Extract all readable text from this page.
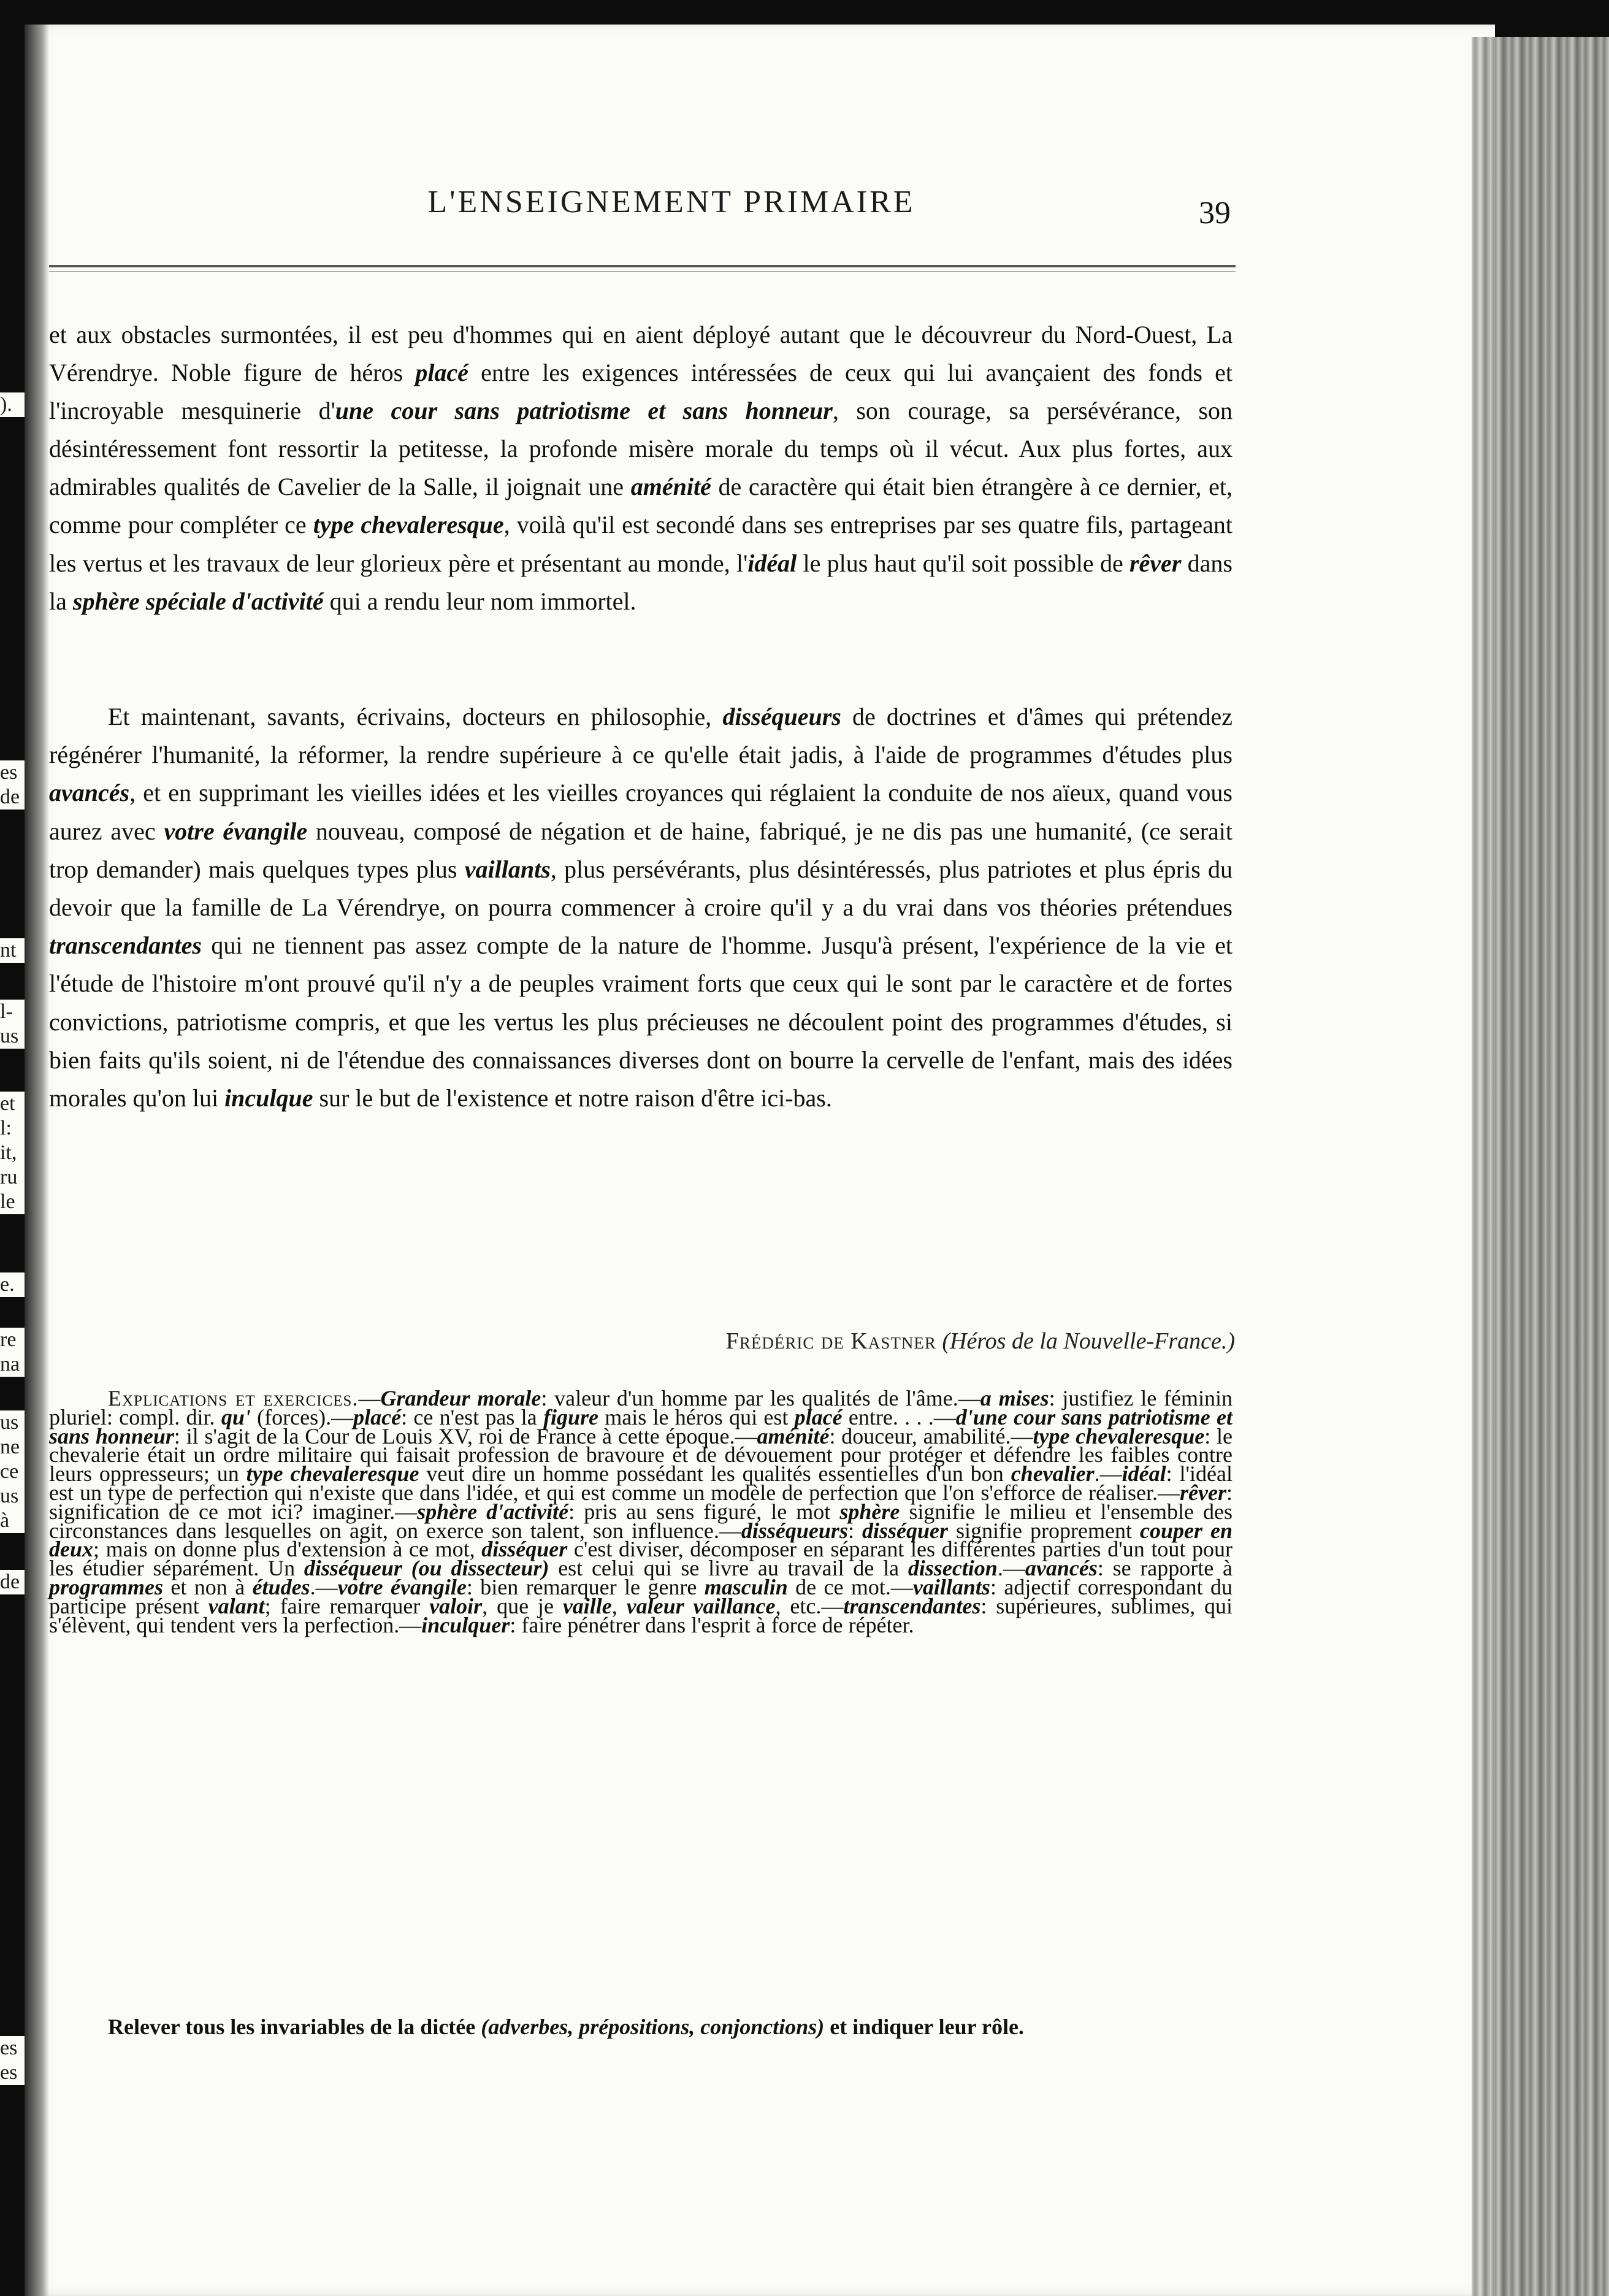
).
es
de
nt
l-
us
et
l:
it,
ru
le
e.
re
na
us
ne
ce
us
à
de
es
es
L'ENSEIGNEMENT PRIMAIRE	39
et aux obstacles surmontées, il est peu d'hommes qui en aient déployé autant que le découvreur du Nord-Ouest, La Vérendrye. Noble figure de héros placé entre les exigences intéressées de ceux qui lui avançaient des fonds et l'incroyable mesquinerie d'une cour sans patriotisme et sans honneur, son courage, sa persévérance, son désintéressement font ressortir la petitesse, la profonde misère morale du temps où il vécut. Aux plus fortes, aux admirables qualités de Cavelier de la Salle, il joignait une aménité de caractère qui était bien étrangère à ce dernier, et, comme pour compléter ce type chevaleresque, voilà qu'il est secondé dans ses entreprises par ses quatre fils, partageant les vertus et les travaux de leur glorieux père et présentant au monde, l'idéal le plus haut qu'il soit possible de rêver dans la sphère spéciale d'activité qui a rendu leur nom immortel.
Et maintenant, savants, écrivains, docteurs en philosophie, disséqueurs de doctrines et d'âmes qui prétendez régénérer l'humanité, la réformer, la rendre supérieure à ce qu'elle était jadis, à l'aide de programmes d'études plus avancés, et en supprimant les vieilles idées et les vieilles croyances qui réglaient la conduite de nos aïeux, quand vous aurez avec votre évangile nouveau, composé de négation et de haine, fabriqué, je ne dis pas une humanité, (ce serait trop demander) mais quelques types plus vaillants, plus persévérants, plus désintéressés, plus patriotes et plus épris du devoir que la famille de La Vérendrye, on pourra commencer à croire qu'il y a du vrai dans vos théories prétendues transcendantes qui ne tiennent pas assez compte de la nature de l'homme. Jusqu'à présent, l'expérience de la vie et l'étude de l'histoire m'ont prouvé qu'il n'y a de peuples vraiment forts que ceux qui le sont par le caractère et de fortes convictions, patriotisme compris, et que les vertus les plus précieuses ne découlent point des programmes d'études, si bien faits qu'ils soient, ni de l'étendue des connaissances diverses dont on bourre la cervelle de l'enfant, mais des idées morales qu'on lui inculque sur le but de l'existence et notre raison d'être ici-bas.
Frédéric de Kastner (Héros de la Nouvelle-France.)
Explications et exercices.—Grandeur morale: valeur d'un homme par les qualités de l'âme.—a mises: justifiez le féminin pluriel: compl. dir. qu' (forces).—placé: ce n'est pas la figure mais le héros qui est placé entre. . . .—d'une cour sans patriotisme et sans honneur: il s'agit de la Cour de Louis XV, roi de France à cette époque.—aménité: douceur, amabilité.—type chevaleresque: le chevalerie était un ordre militaire qui faisait profession de bravoure et de dévouement pour protéger et défendre les faibles contre leurs oppresseurs; un type chevaleresque veut dire un homme possédant les qualités essentielles d'un bon chevalier.—idéal: l'idéal est un type de perfection qui n'existe que dans l'idée, et qui est comme un modèle de perfection que l'on s'efforce de réaliser.—rêver: signification de ce mot ici? imaginer.—sphère d'activité: pris au sens figuré, le mot sphère signifie le milieu et l'ensemble des circonstances dans lesquelles on agit, on exerce son talent, son influence.—disséqueurs: disséquer signifie proprement couper en deux; mais on donne plus d'extension à ce mot, disséquer c'est diviser, décomposer en séparant les différentes parties d'un tout pour les étudier séparément. Un disséqueur (ou dissecteur) est celui qui se livre au travail de la dissection.—avancés: se rapporte à programmes et non à études.—votre évangile: bien remarquer le genre masculin de ce mot.—vaillants: adjectif correspondant du participe présent valant; faire remarquer valoir, que je vaille, valeur vaillance, etc.—transcendantes: supérieures, sublimes, qui s'élèvent, qui tendent vers la perfection.—inculquer: faire pénétrer dans l'esprit à force de répéter.
Relever tous les invariables de la dictée (adverbes, prépositions, conjonctions) et indiquer leur rôle.
